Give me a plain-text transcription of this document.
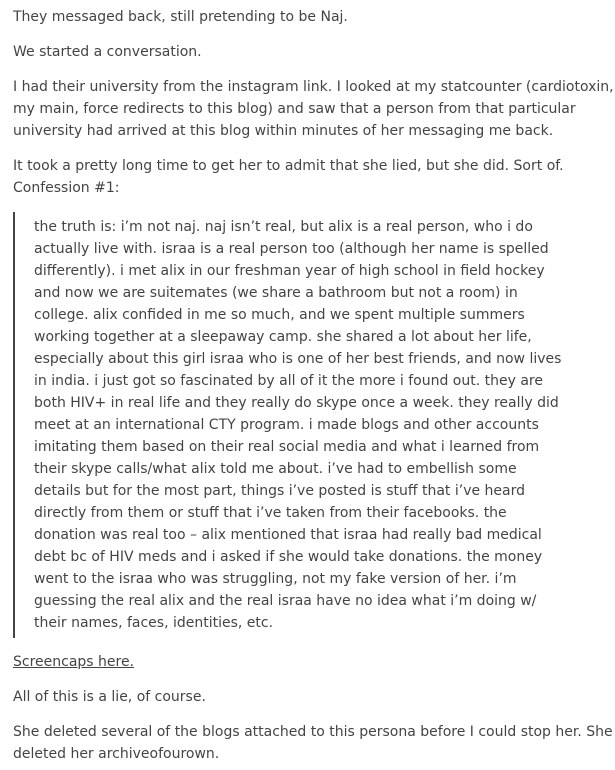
They messaged back, still pretending to be Naj.

We started a conversation.

I had their university from the instagram link. I looked at my statcounter (cardiotoxin, my main, force redirects to this blog) and saw that a person from that particular university had arrived at this blog within minutes of her messaging me back.

It took a pretty long time to get her to admit that she lied, but she did. Sort of. Confession #1:

the truth is: i’m not naj. naj isn’t real, but alix is a real person, who i do actually live with. israa is a real person too (although her name is spelled differently). i met alix in our freshman year of high school in field hockey and now we are suitemates (we share a bathroom but not a room) in college. alix confided in me so much, and we spent multiple summers working together at a sleepaway camp. she shared a lot about her life, especially about this girl israa who is one of her best friends, and now lives in india. i just got so fascinated by all of it the more i found out. they are both HIV+ in real life and they really do skype once a week. they really did meet at an international CTY program. i made blogs and other accounts imitating them based on their real social media and what i learned from their skype calls/what alix told me about. i’ve had to embellish some details but for the most part, things i’ve posted is stuff that i’ve heard directly from them or stuff that i’ve taken from their facebooks. the donation was real too – alix mentioned that israa had really bad medical debt bc of HIV meds and i asked if she would take donations. the money went to the israa who was struggling, not my fake version of her. i’m guessing the real alix and the real israa have no idea what i’m doing w/ their names, faces, identities, etc.

Screencaps here.

All of this is a lie, of course.

She deleted several of the blogs attached to this persona before I could stop her. She deleted her archiveofourown.
